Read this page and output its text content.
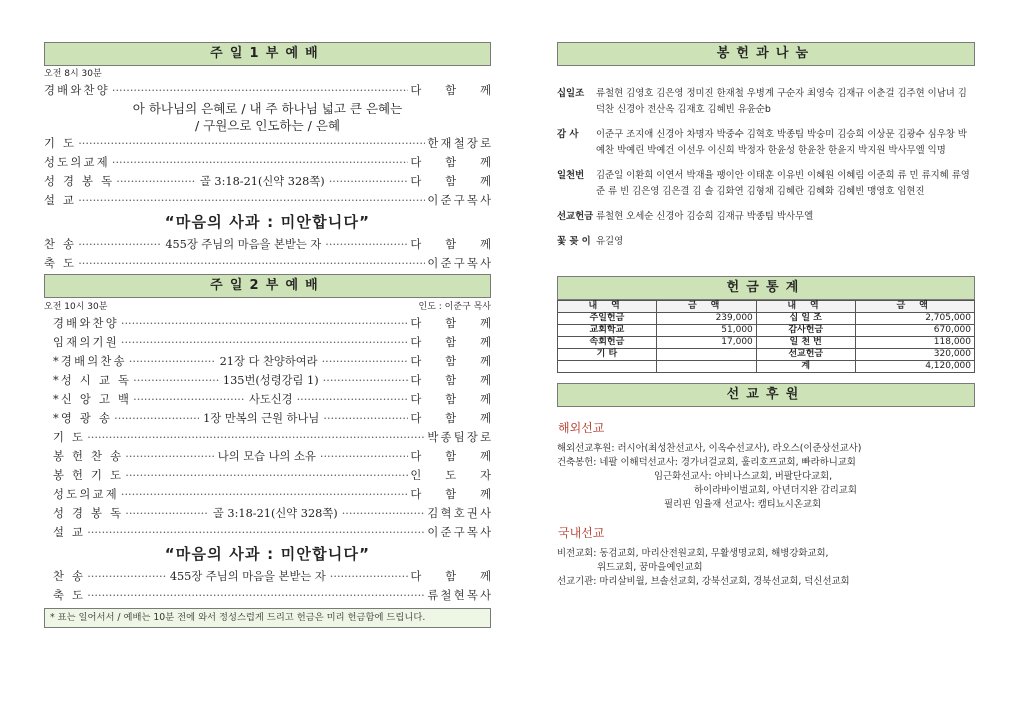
주일1부예배
오전 8시 30분
경배와찬양 ·····	다 함 께
아 하나님의 은혜로 / 내 주 하나님 넓고 큰 은혜는
/ 구원으로 인도하는 / 은혜
기 도 ·····	한재철장로
성도의교제 ·····	다 함 께
성 경 봉 독 ·····	골 3:18-21(신약 328쪽) ·····	다 함 께
설 교 ·····	이준구목사
“마음의 사과 : 미안합니다”
찬 송 ·····	455장 주님의 마음을 본받는 자 ·····	다 함 께
축 도 ·····	이준구목사
주일2부예배
오전 10시 30분	인도 : 이준구 목사
경배와찬양 ·····	다 함 께
임재의기원 ·····	다 함 께
*경배의찬송 ·····	21장 다 찬양하여라 ·····	다 함 께
*성 시 교 독 ·····	135번(성령강림 1) ·····	다 함 께
*신 앙 고 백 ·····	사도신경 ·····	다 함 께
*영 광 송 ·····	1장 만복의 근원 하나님 ·····	다 함 께
기 도 ·····	박종팀장로
봉 헌 찬 송 ·····	나의 모습 나의 소유 ·····	다 함 께
봉 헌 기 도 ·····	인 도 자
성도의교제 ·····	다 함 께
성 경 봉 독 ·····	골 3:18-21(신약 328쪽) ·····	김혁호권사
설 교 ·····	이준구목사
“마음의 사과 : 미안합니다”
찬 송 ·····	455장 주님의 마음을 본받는 자 ·····	다 함 께
축 도 ·····	류철현목사
* 표는 일어서서 / 예배는 10분 전에 와서 정성스럽게 드리고 헌금은 미리 헌금함에 드립니다.
봉헌과나눔
십일조	류철현 김영호 김은영 정미진 한재철 우병계 구순자 최영숙 김재규 이춘걸 김주현 이남녀 김덕찬 신경아 전산옥 김재호 김혜빈 유윤순b
감 사	이준구 조지애 신경아 차명자 박중수 김혁호 박종팀 박숭미 김승희 이상문 김광수 심우창 박예찬 박예린 박예건 이선우 이신희 박정자 한윤성 한윤찬 한윤지 박지원 박사무엘 익명
일천번	김준일 이환희 이연서 박재율 팽이안 이태훈 이유빈 이혜원 이혜림 이준희 류 민 류지혜 류영준 류 빈 김은영 김은결 김 솔 김화연 김형채 김혜란 김혜화 김혜빈 맹영호 임현진
선교헌금 류철현 오세순 신경아 김승희 김재규 박종팀 박사무엘
꽃 꽂 이 유길영
헌금통계
내 역	금 액	내 역	금 액
주일헌금	239,000	십 일 조	2,705,000
교회학교	51,000	감사헌금	670,000
속회헌금	17,000	일 천 번	118,000
기 타		선교헌금	320,000
		계	4,120,000
선교후원
해외선교
해외선교후원: 러시아(최성찬선교사, 이옥수선교사), 라오스(이준상선교사)
건축봉헌: 네팔 이해덕선교사: 경가녀걸교회, 훌리호프교회, 빠라하니교회
임근화선교사: 아비나스교회, 버팔단다교회,
하이라바이벌교회, 아년더지완 감리교회
필리핀 임율재 선교사: 캠티뇨시온교회
국내선교
비전교회: 동검교회, 마리산전원교회, 무활생명교회, 해병강화교회,
위드교회, 꿈마을예인교회
선교기관: 마리살비월, 브솔선교회, 강북선교회, 경북선교회, 덕신선교회
